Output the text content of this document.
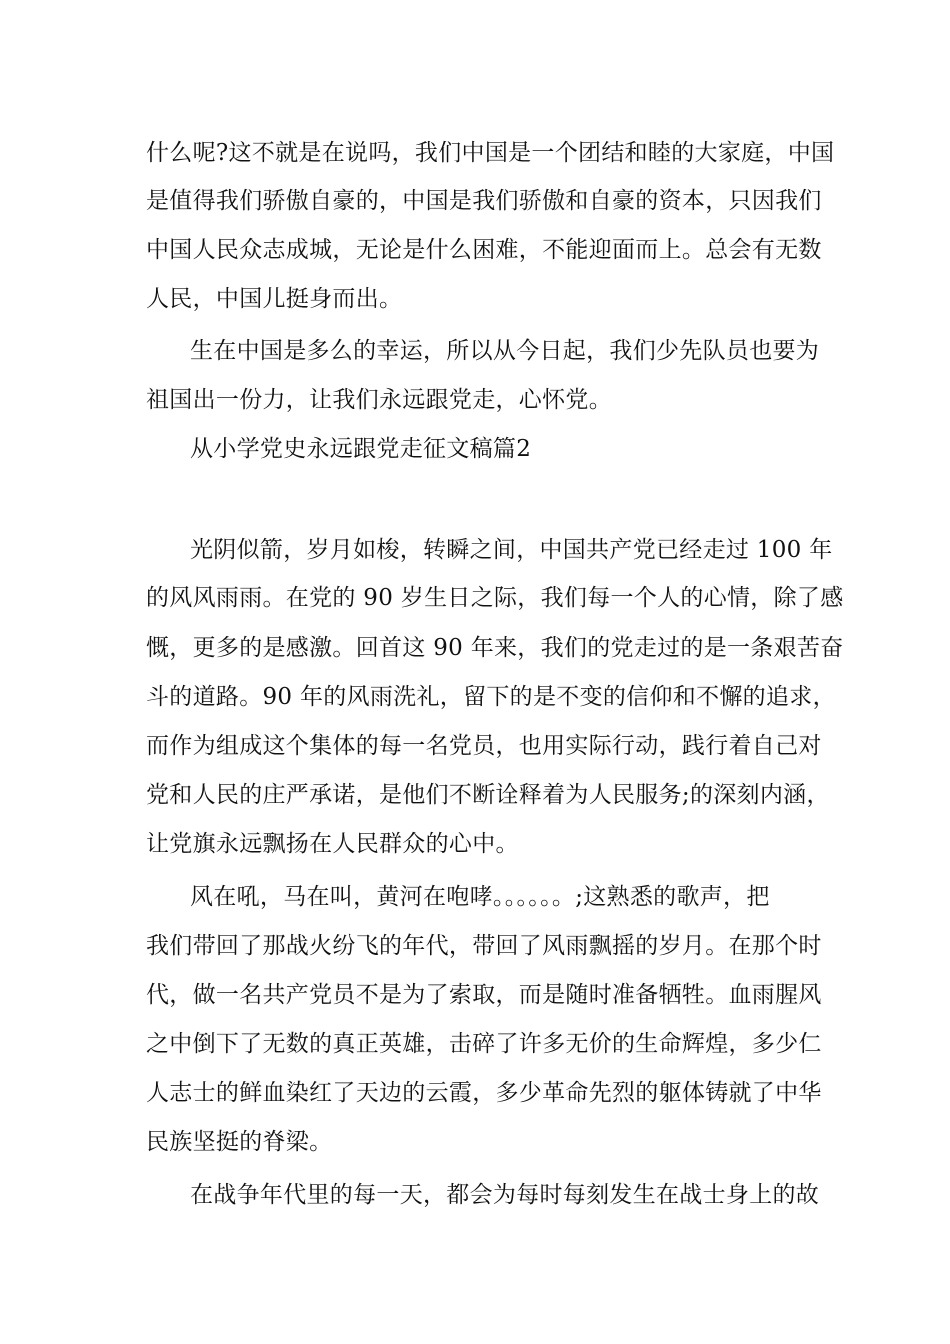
什么呢?这不就是在说吗，我们中国是一个团结和睦的大家庭，中国
是值得我们骄傲自豪的，中国是我们骄傲和自豪的资本，只因我们
中国人民众志成城，无论是什么困难，不能迎面而上。总会有无数
人民，中国儿挺身而出。
生在中国是多么的幸运，所以从今日起，我们少先队员也要为
祖国出一份力，让我们永远跟党走，心怀党。
从小学党史永远跟党走征文稿篇2
光阴似箭，岁月如梭，转瞬之间，中国共产党已经走过 100 年
的风风雨雨。在党的 90 岁生日之际，我们每一个人的心情，除了感
慨，更多的是感激。回首这 90 年来，我们的党走过的是一条艰苦奋
斗的道路。90 年的风雨洗礼，留下的是不变的信仰和不懈的追求，
而作为组成这个集体的每一名党员，也用实际行动，践行着自己对
党和人民的庄严承诺，是他们不断诠释着为人民服务;的深刻内涵，
让党旗永远飘扬在人民群众的心中。
风在吼，马在叫，黄河在咆哮。。。。。。;这熟悉的歌声，把
我们带回了那战火纷飞的年代，带回了风雨飘摇的岁月。在那个时
代，做一名共产党员不是为了索取，而是随时准备牺牲。血雨腥风
之中倒下了无数的真正英雄，击碎了许多无价的生命辉煌，多少仁
人志士的鲜血染红了天边的云霞，多少革命先烈的躯体铸就了中华
民族坚挺的脊梁。
在战争年代里的每一天，都会为每时每刻发生在战士身上的故
